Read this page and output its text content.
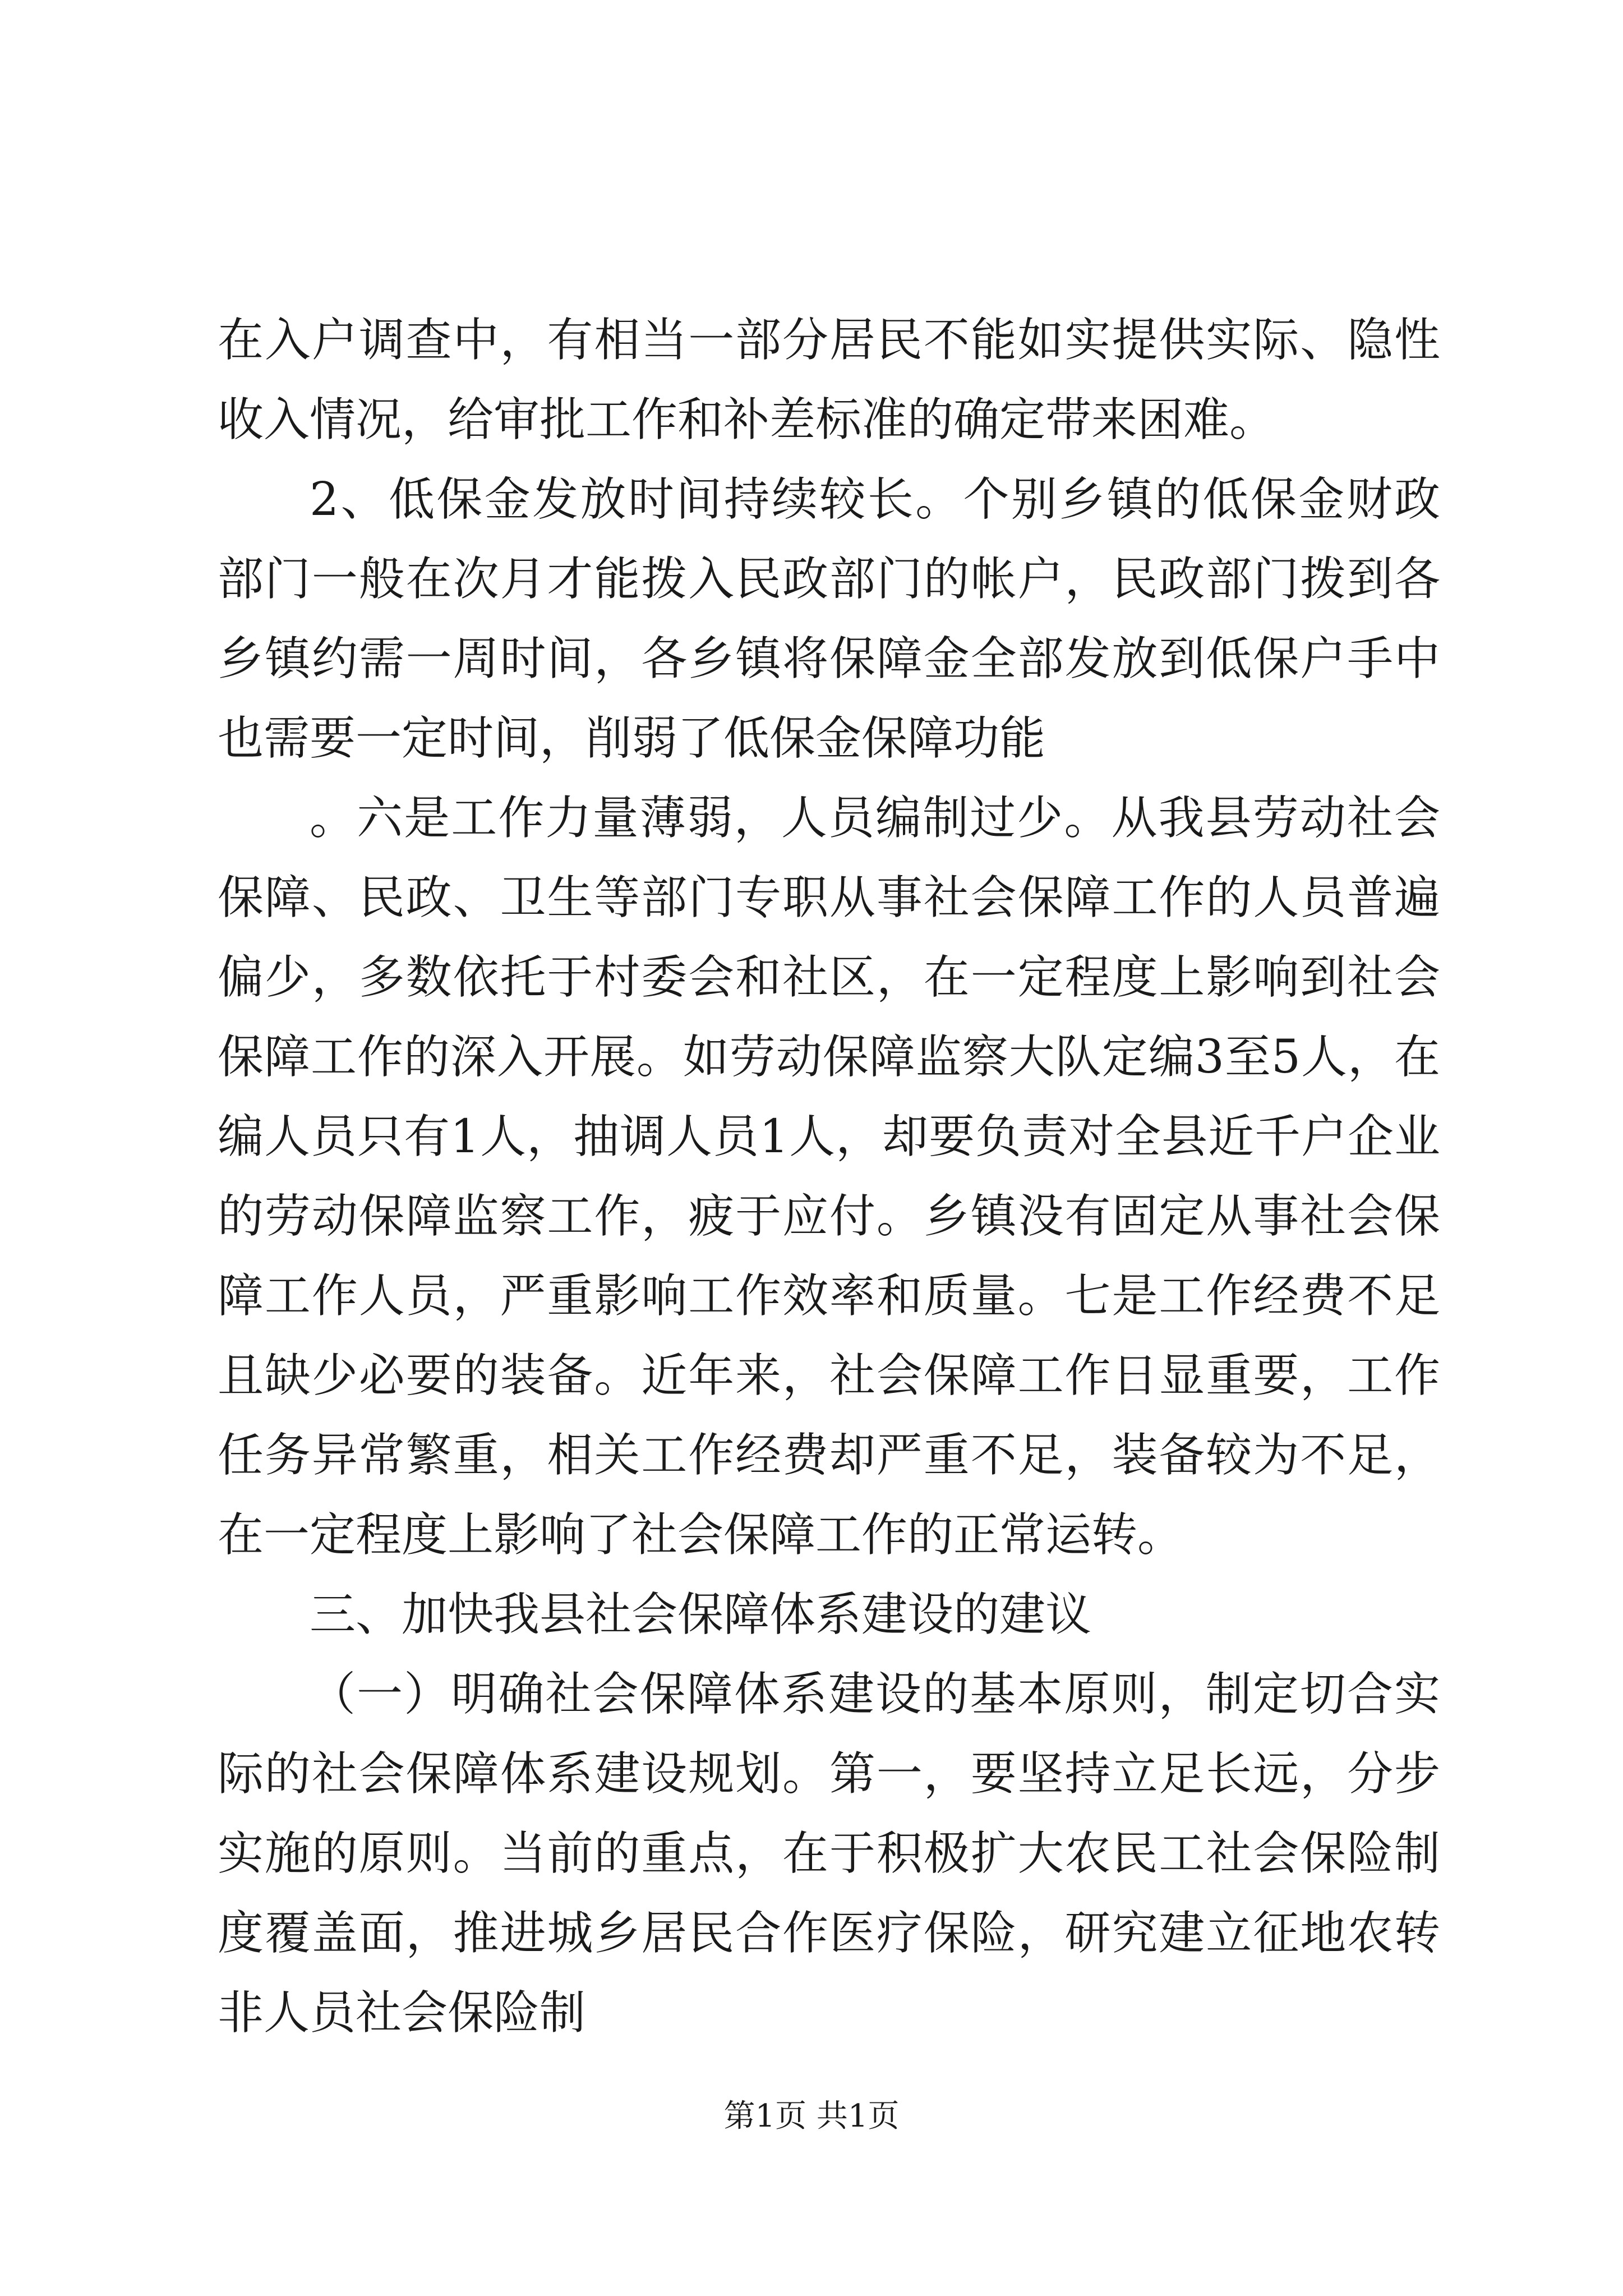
在入户调查中，有相当一部分居民不能如实提供实际、隐性收入情况，给审批工作和补差标准的确定带来困难。

2、低保金发放时间持续较长。个别乡镇的低保金财政部门一般在次月才能拨入民政部门的帐户，民政部门拨到各乡镇约需一周时间，各乡镇将保障金全部发放到低保户手中也需要一定时间，削弱了低保金保障功能

。六是工作力量薄弱，人员编制过少。从我县劳动社会保障、民政、卫生等部门专职从事社会保障工作的人员普遍偏少，多数依托于村委会和社区，在一定程度上影响到社会保障工作的深入开展。如劳动保障监察大队定编3至5人，在编人员只有1人，抽调人员1人，却要负责对全县近千户企业的劳动保障监察工作，疲于应付。乡镇没有固定从事社会保障工作人员，严重影响工作效率和质量。七是工作经费不足且缺少必要的装备。近年来，社会保障工作日显重要，工作任务异常繁重，相关工作经费却严重不足，装备较为不足，在一定程度上影响了社会保障工作的正常运转。

三、加快我县社会保障体系建设的建议

（一）明确社会保障体系建设的基本原则，制定切合实际的社会保障体系建设规划。第一，要坚持立足长远，分步实施的原则。当前的重点，在于积极扩大农民工社会保险制度覆盖面，推进城乡居民合作医疗保险，研究建立征地农转非人员社会保险制

第1页 共1页
